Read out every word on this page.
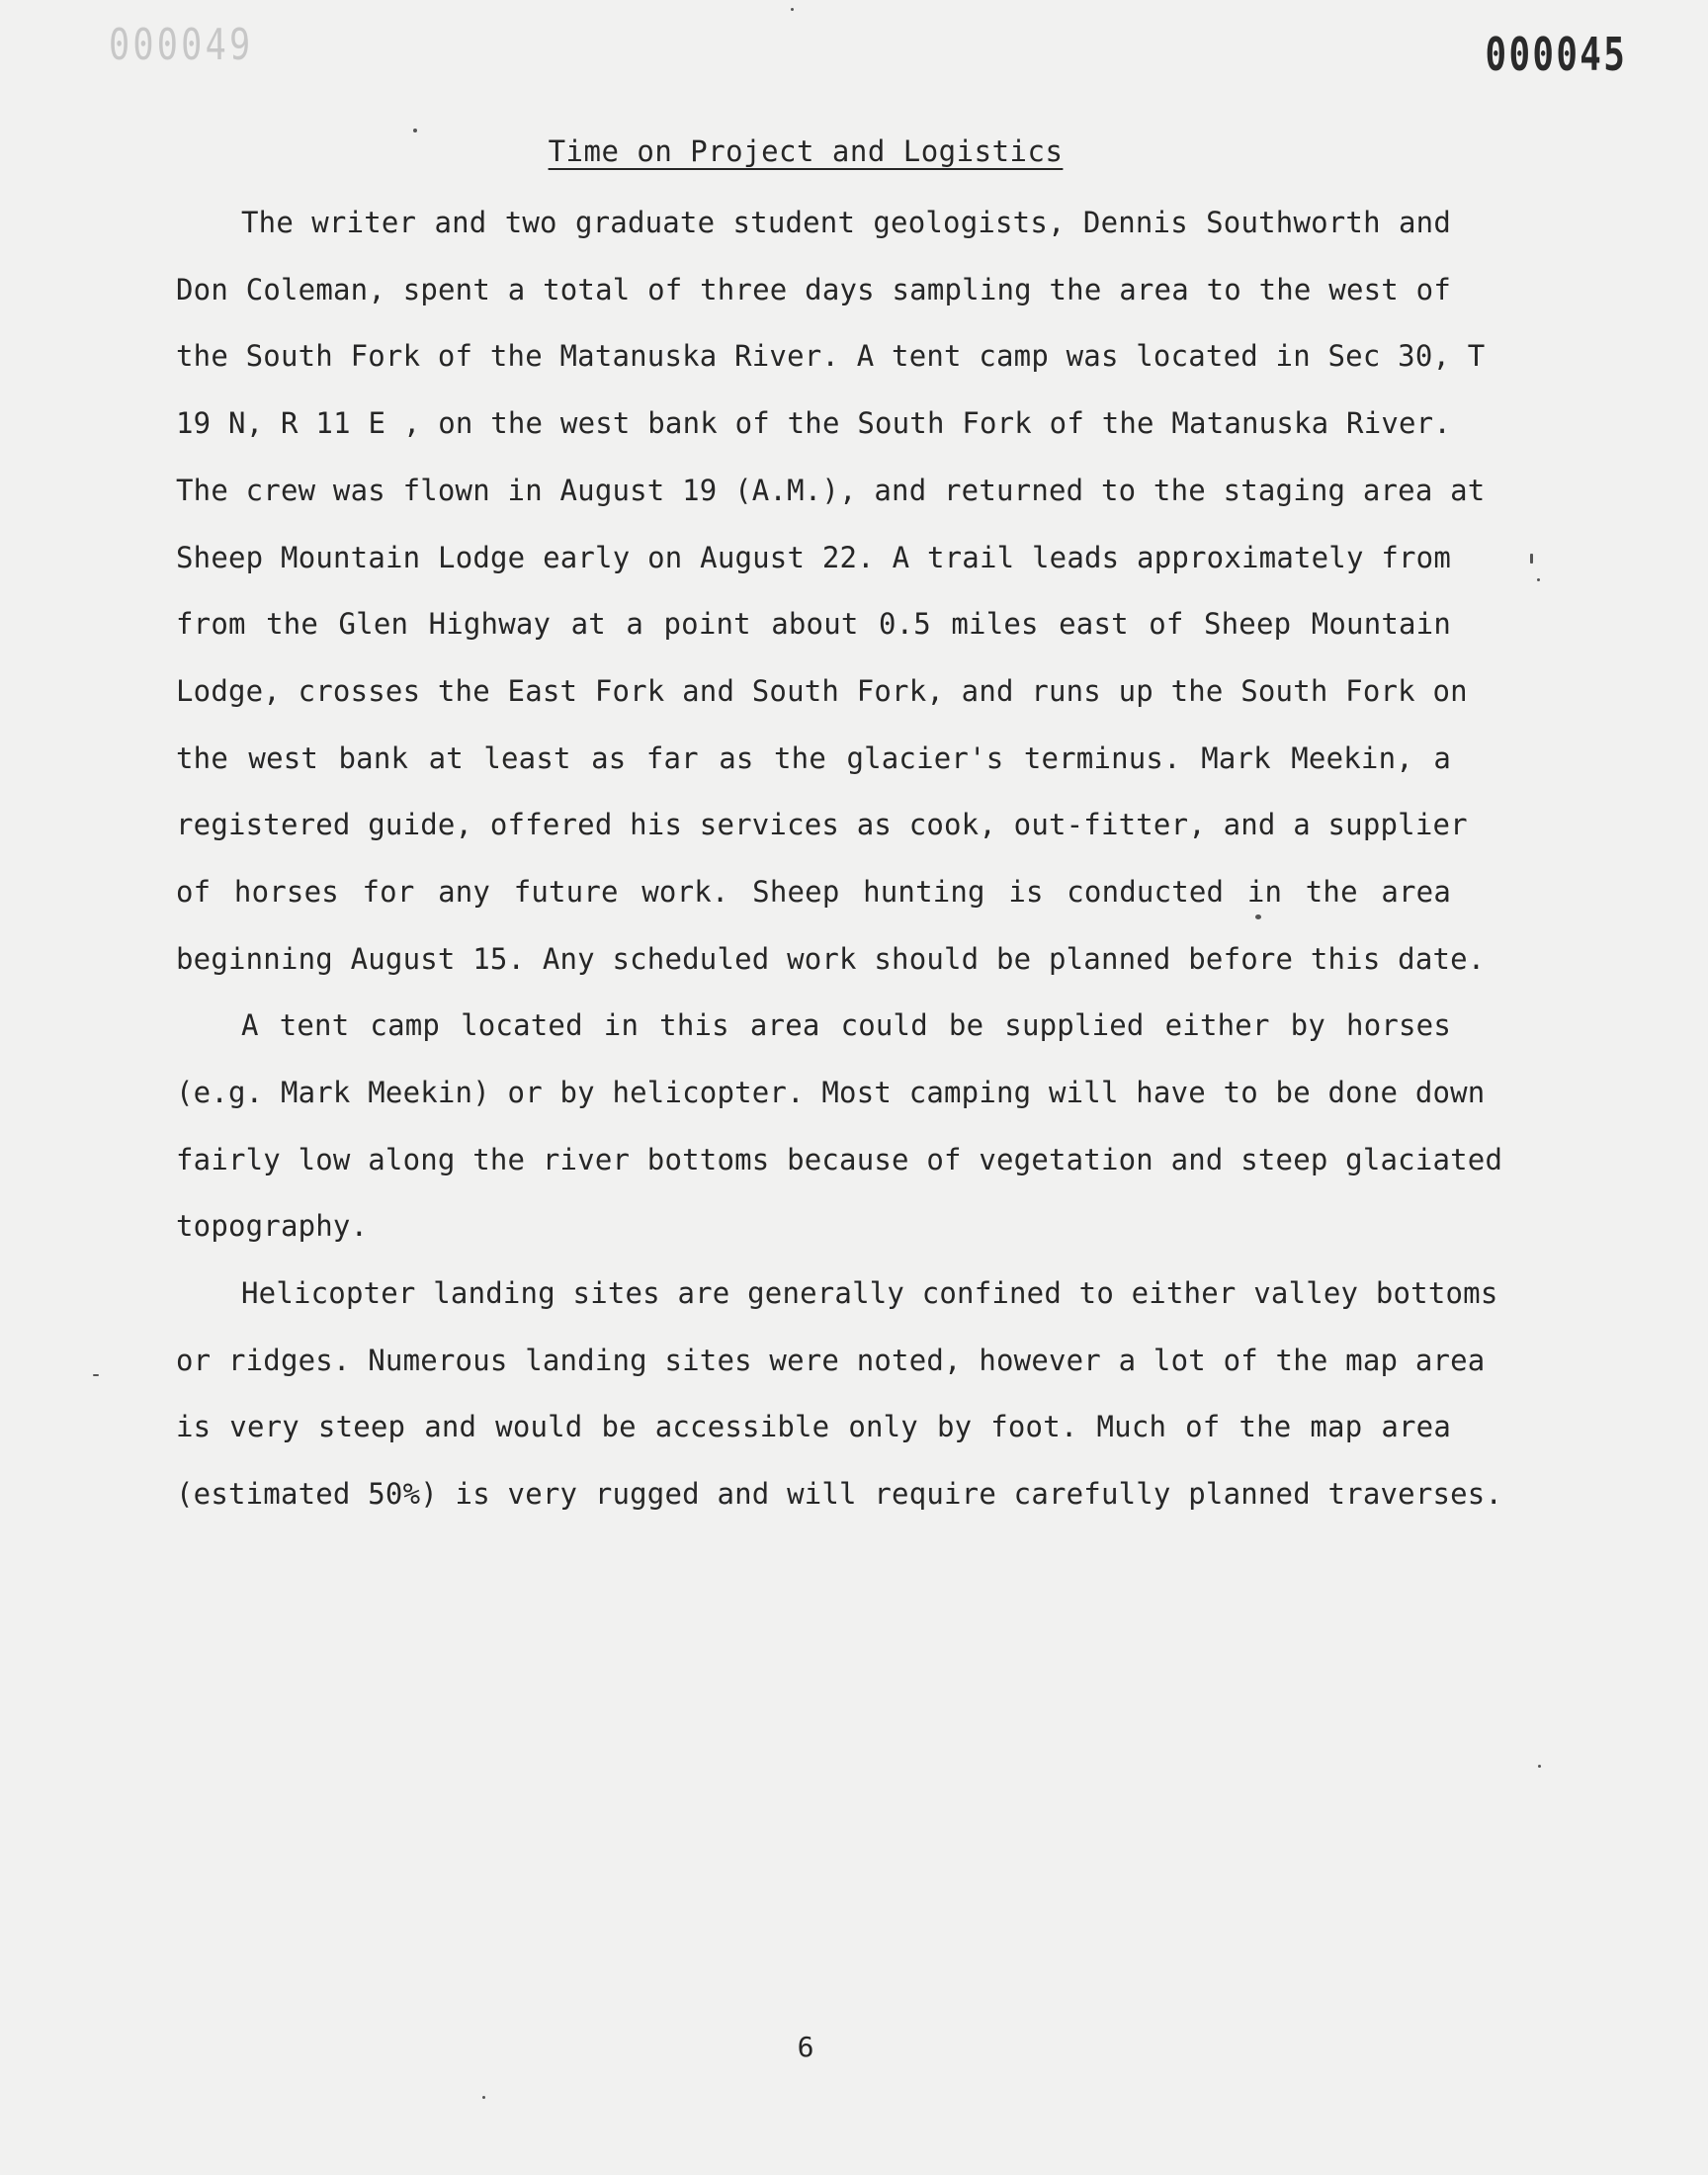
000049	000045
Time on Project and Logistics
The writer and two graduate student geologists, Dennis Southworth and
Don Coleman, spent a total of three days sampling the area to the west of
the South Fork of the Matanuska River. A tent camp was located in Sec 30, T
19 N, R 11 E , on the west bank of the South Fork of the Matanuska River.
The crew was flown in August 19 (A.M.), and returned to the staging area at
Sheep Mountain Lodge early on August 22. A trail leads approximately from
from the Glen Highway at a point about 0.5 miles east of Sheep Mountain
Lodge, crosses the East Fork and South Fork, and runs up the South Fork on
the west bank at least as far as the glacier's terminus. Mark Meekin, a
registered guide, offered his services as cook, out-fitter, and a supplier
of horses for any future work. Sheep hunting is conducted in the area
beginning August 15. Any scheduled work should be planned before this date.
A tent camp located in this area could be supplied either by horses
(e.g. Mark Meekin) or by helicopter. Most camping will have to be done down
fairly low along the river bottoms because of vegetation and steep glaciated
topography.
Helicopter landing sites are generally confined to either valley bottoms
or ridges. Numerous landing sites were noted, however a lot of the map area
is very steep and would be accessible only by foot. Much of the map area
(estimated 50%) is very rugged and will require carefully planned traverses.
6
